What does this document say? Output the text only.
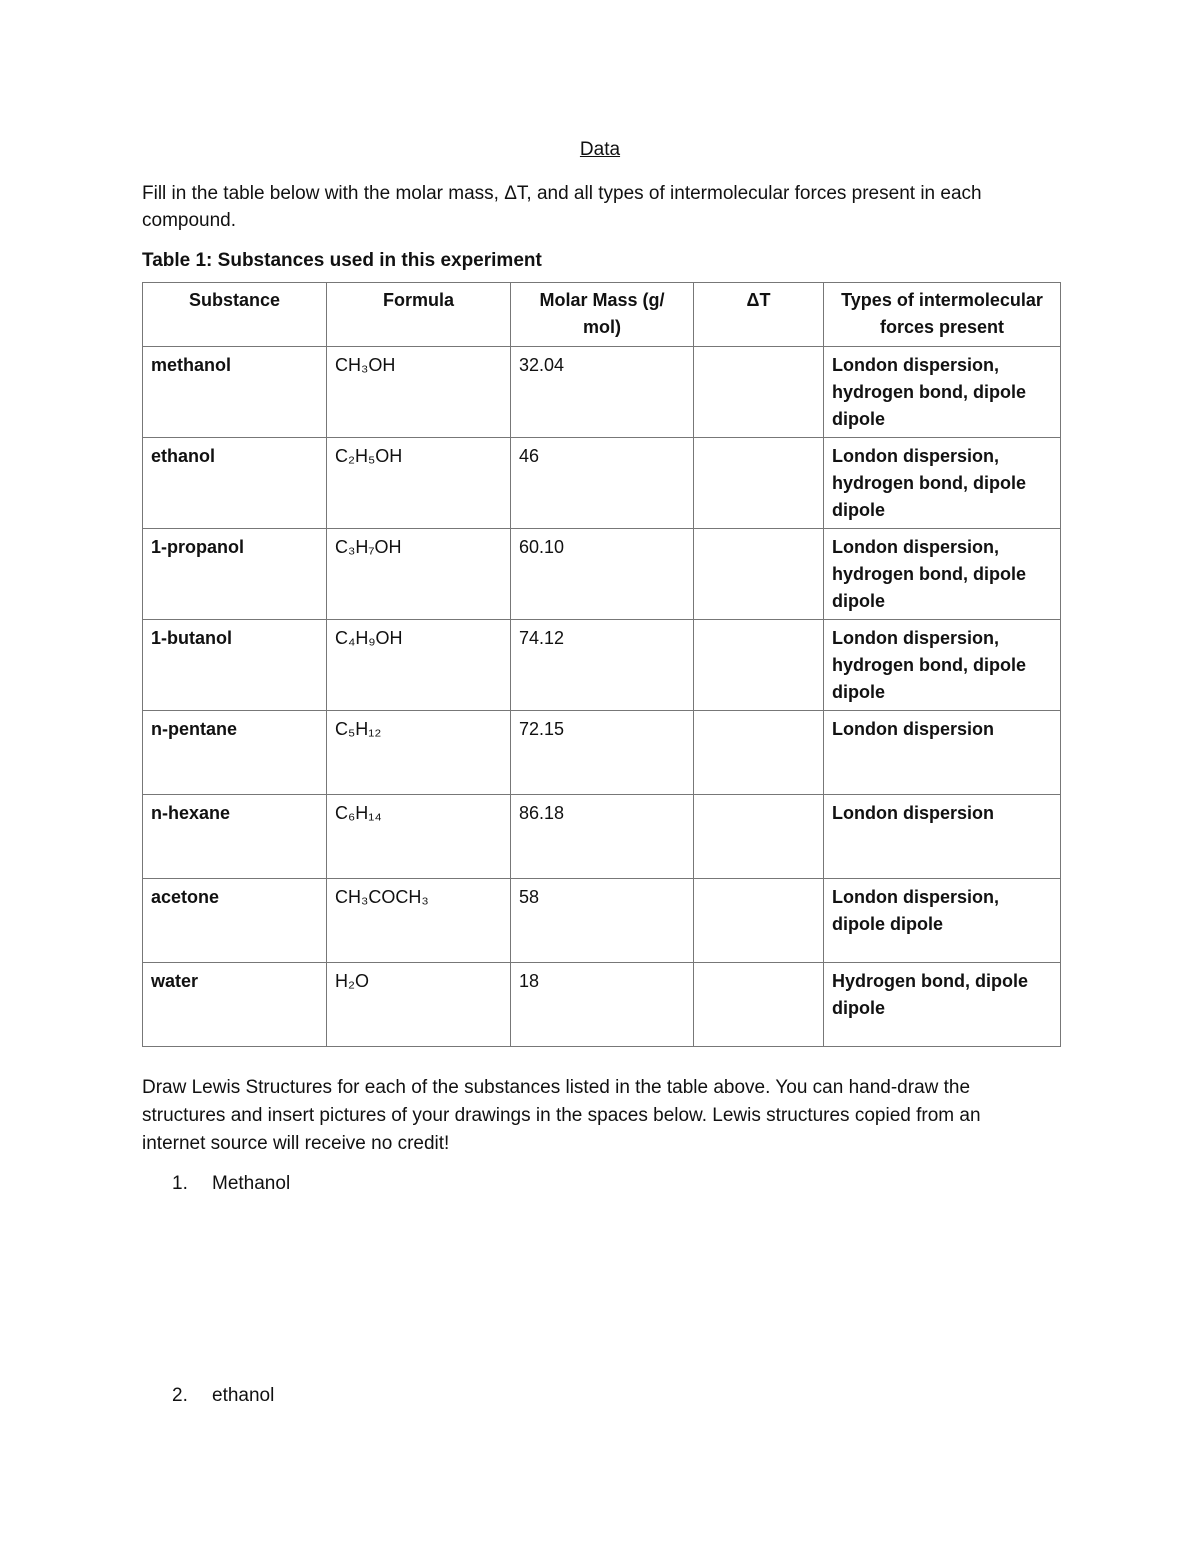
Data
Fill in the table below with the molar mass, ΔT, and all types of intermolecular forces present in each compound.
Table 1: Substances used in this experiment
Substance	Formula	Molar Mass (g/ mol)	ΔT	Types of intermolecular forces present
methanol	CH₃OH	32.04		London dispersion, hydrogen bond, dipole dipole
ethanol	C₂H₅OH	46		London dispersion, hydrogen bond, dipole dipole
1-propanol	C₃H₇OH	60.10		London dispersion, hydrogen bond, dipole dipole
1-butanol	C₄H₉OH	74.12		London dispersion, hydrogen bond, dipole dipole
n-pentane	C₅H₁₂	72.15		London dispersion
n-hexane	C₆H₁₄	86.18		London dispersion
acetone	CH₃COCH₃	58		London dispersion, dipole dipole
water	H₂O	18		Hydrogen bond, dipole dipole
Draw Lewis Structures for each of the substances listed in the table above. You can hand-draw the structures and insert pictures of your drawings in the spaces below. Lewis structures copied from an internet source will receive no credit!
1. Methanol
2. ethanol
